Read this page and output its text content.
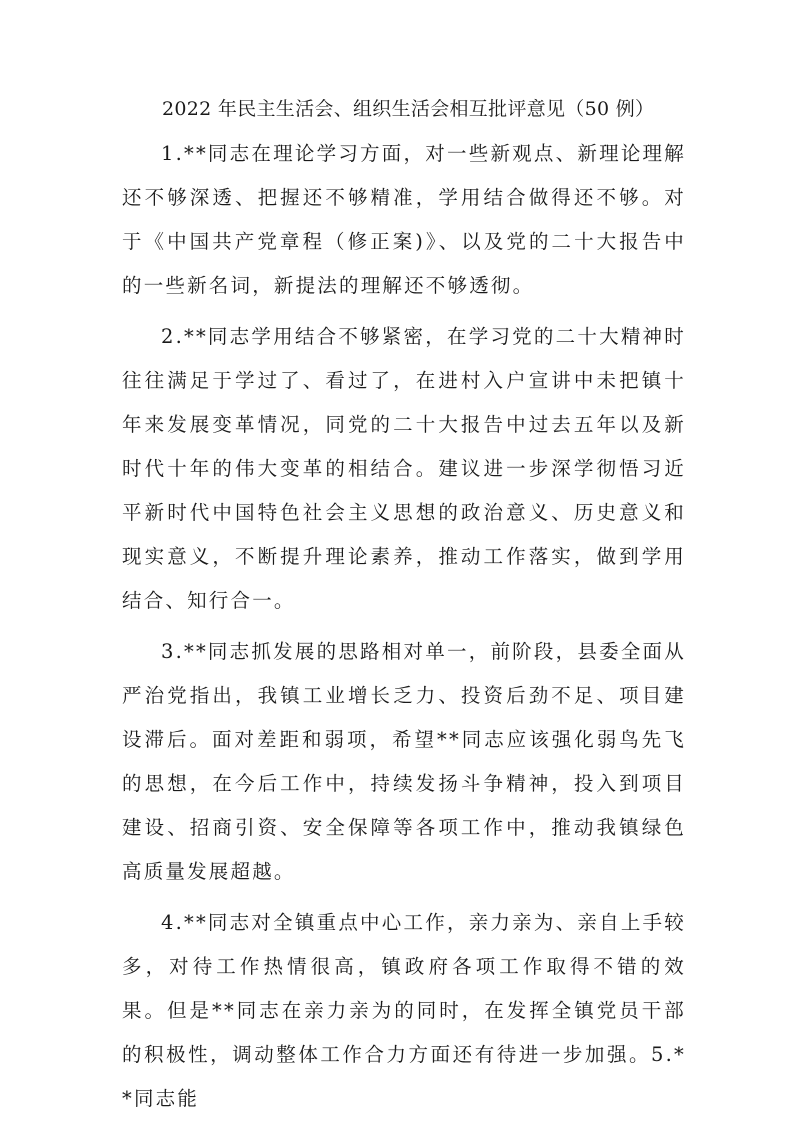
2022 年民主生活会、组织生活会相互批评意见（50 例）

1.**同志在理论学习方面，对一些新观点、新理论理解还不够深透、把握还不够精准，学用结合做得还不够。对于《中国共产党章程（修正案)》、以及党的二十大报告中的一些新名词，新提法的理解还不够透彻。

2.**同志学用结合不够紧密，在学习党的二十大精神时往往满足于学过了、看过了，在进村入户宣讲中未把镇十年来发展变革情况，同党的二十大报告中过去五年以及新时代十年的伟大变革的相结合。建议进一步深学彻悟习近平新时代中国特色社会主义思想的政治意义、历史意义和现实意义，不断提升理论素养，推动工作落实，做到学用结合、知行合一。

3.**同志抓发展的思路相对单一，前阶段，县委全面从严治党指出，我镇工业增长乏力、投资后劲不足、项目建设滞后。面对差距和弱项，希望**同志应该强化弱鸟先飞的思想，在今后工作中，持续发扬斗争精神，投入到项目建设、招商引资、安全保障等各项工作中，推动我镇绿色高质量发展超越。

4.**同志对全镇重点中心工作，亲力亲为、亲自上手较多，对待工作热情很高，镇政府各项工作取得不错的效果。但是**同志在亲力亲为的同时，在发挥全镇党员干部的积极性，调动整体工作合力方面还有待进一步加强。5.**同志能
